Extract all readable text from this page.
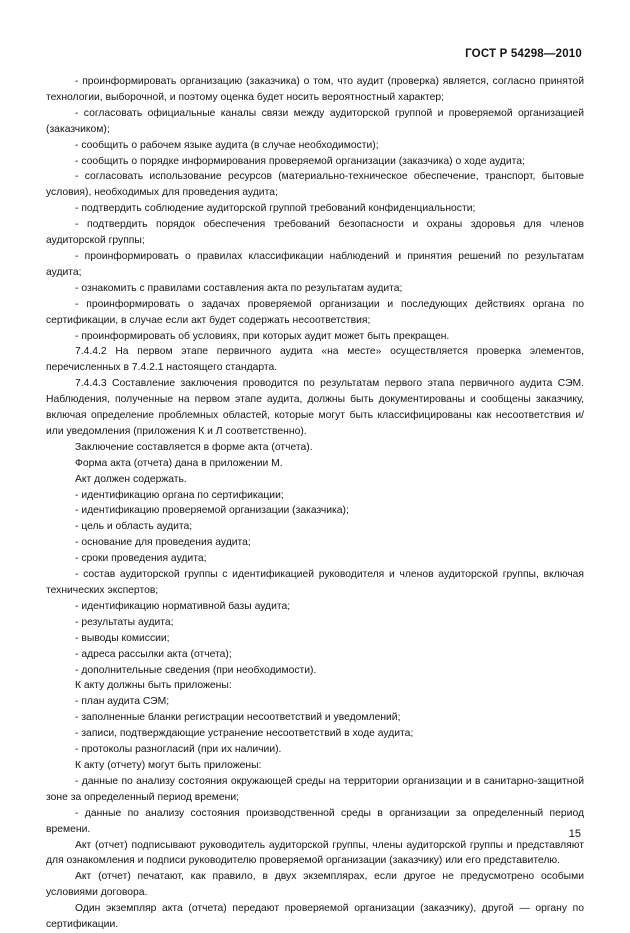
ГОСТ Р 54298—2010

- проинформировать организацию (заказчика) о том, что аудит (проверка) является, согласно принятой технологии, выборочной, и поэтому оценка будет носить вероятностный характер;

- согласовать официальные каналы связи между аудиторской группой и проверяемой организацией (заказчиком);

- сообщить о рабочем языке аудита (в случае необходимости);

- сообщить о порядке информирования проверяемой организации (заказчика) о ходе аудита;

- согласовать использование ресурсов (материально-техническое обеспечение, транспорт, бытовые условия), необходимых для проведения аудита;

- подтвердить соблюдение аудиторской группой требований конфиденциальности;

- подтвердить порядок обеспечения требований безопасности и охраны здоровья для членов аудиторской группы;

- проинформировать о правилах классификации наблюдений и принятия решений по результатам аудита;

- ознакомить с правилами составления акта по результатам аудита;

- проинформировать о задачах проверяемой организации и последующих действиях органа по сертификации, в случае если акт будет содержать несоответствия;

- проинформировать об условиях, при которых аудит может быть прекращен.

7.4.4.2 На первом этапе первичного аудита «на месте» осуществляется проверка элементов, перечисленных в 7.4.2.1 настоящего стандарта.

7.4.4.3 Составление заключения проводится по результатам первого этапа первичного аудита СЭМ. Наблюдения, полученные на первом этапе аудита, должны быть документированы и сообщены заказчику, включая определение проблемных областей, которые могут быть классифицированы как несоответствия и/или уведомления (приложения К и Л соответственно).

Заключение составляется в форме акта (отчета).

Форма акта (отчета) дана в приложении М.

Акт должен содержать.

- идентификацию органа по сертификации;

- идентификацию проверяемой организации (заказчика);

- цель и область аудита;

- основание для проведения аудита;

- сроки проведения аудита;

- состав аудиторской группы с идентификацией руководителя и членов аудиторской группы, включая технических экспертов;

- идентификацию нормативной базы аудита;

- результаты аудита;

- выводы комиссии;

- адреса рассылки акта (отчета);

- дополнительные сведения (при необходимости).

К акту должны быть приложены:

- план аудита СЭМ;

- заполненные бланки регистрации несоответствий и уведомлений;

- записи, подтверждающие устранение несоответствий в ходе аудита;

- протоколы разногласий (при их наличии).

К акту (отчету) могут быть приложены:

- данные по анализу состояния окружающей среды на территории организации и в санитарно-защитной зоне за определенный период времени;

- данные по анализу состояния производственной среды в организации за определенный период времени.

Акт (отчет) подписывают руководитель аудиторской группы, члены аудиторской группы и представляют для ознакомления и подписи руководителю проверяемой организации (заказчику) или его представителю.

Акт (отчет) печатают, как правило, в двух экземплярах, если другое не предусмотрено особыми условиями договора.

Один экземпляр акта (отчета) передают проверяемой организации (заказчику), другой — органу по сертификации.

15
